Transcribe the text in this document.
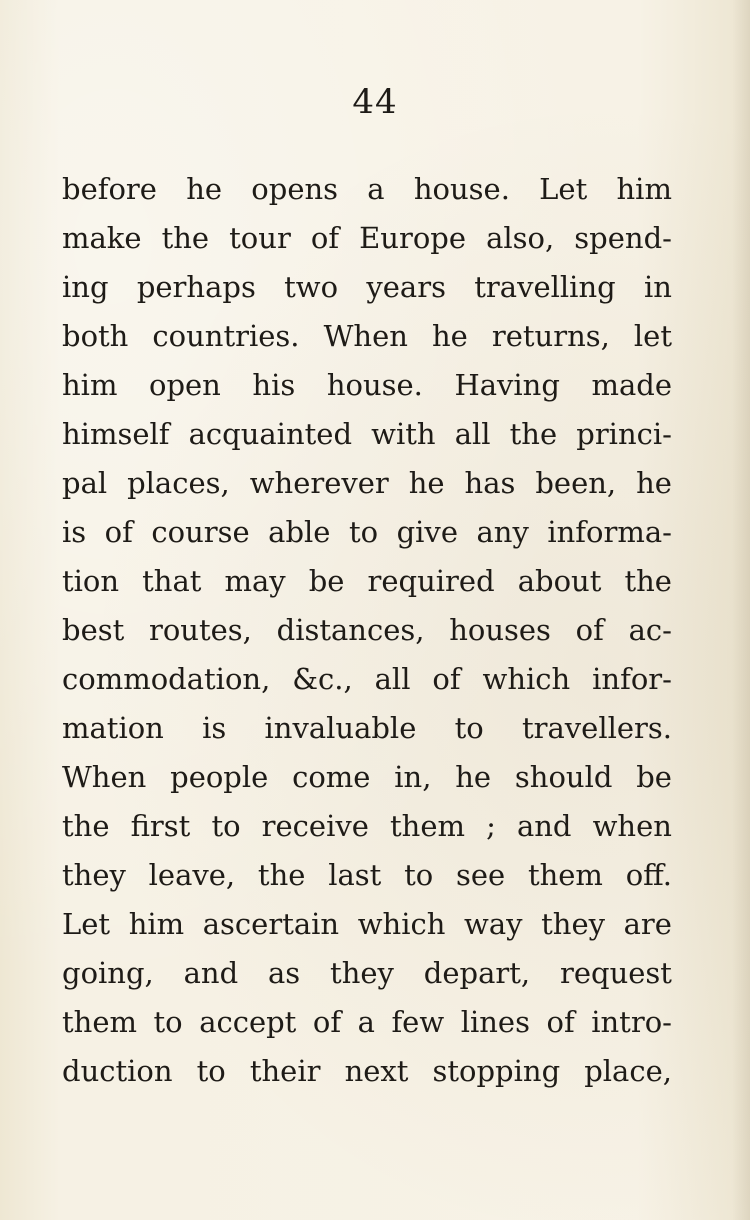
44
before he opens a house. Let him
make the tour of Europe also, spend-
ing perhaps two years travelling in
both countries. When he returns, let
him open his house. Having made
himself acquainted with all the princi-
pal places, wherever he has been, he
is of course able to give any informa-
tion that may be required about the
best routes, distances, houses of ac-
commodation, &c., all of which infor-
mation is invaluable to travellers.
When people come in, he should be
the first to receive them ; and when
they leave, the last to see them off.
Let him ascertain which way they are
going, and as they depart, request
them to accept of a few lines of intro-
duction to their next stopping place,
